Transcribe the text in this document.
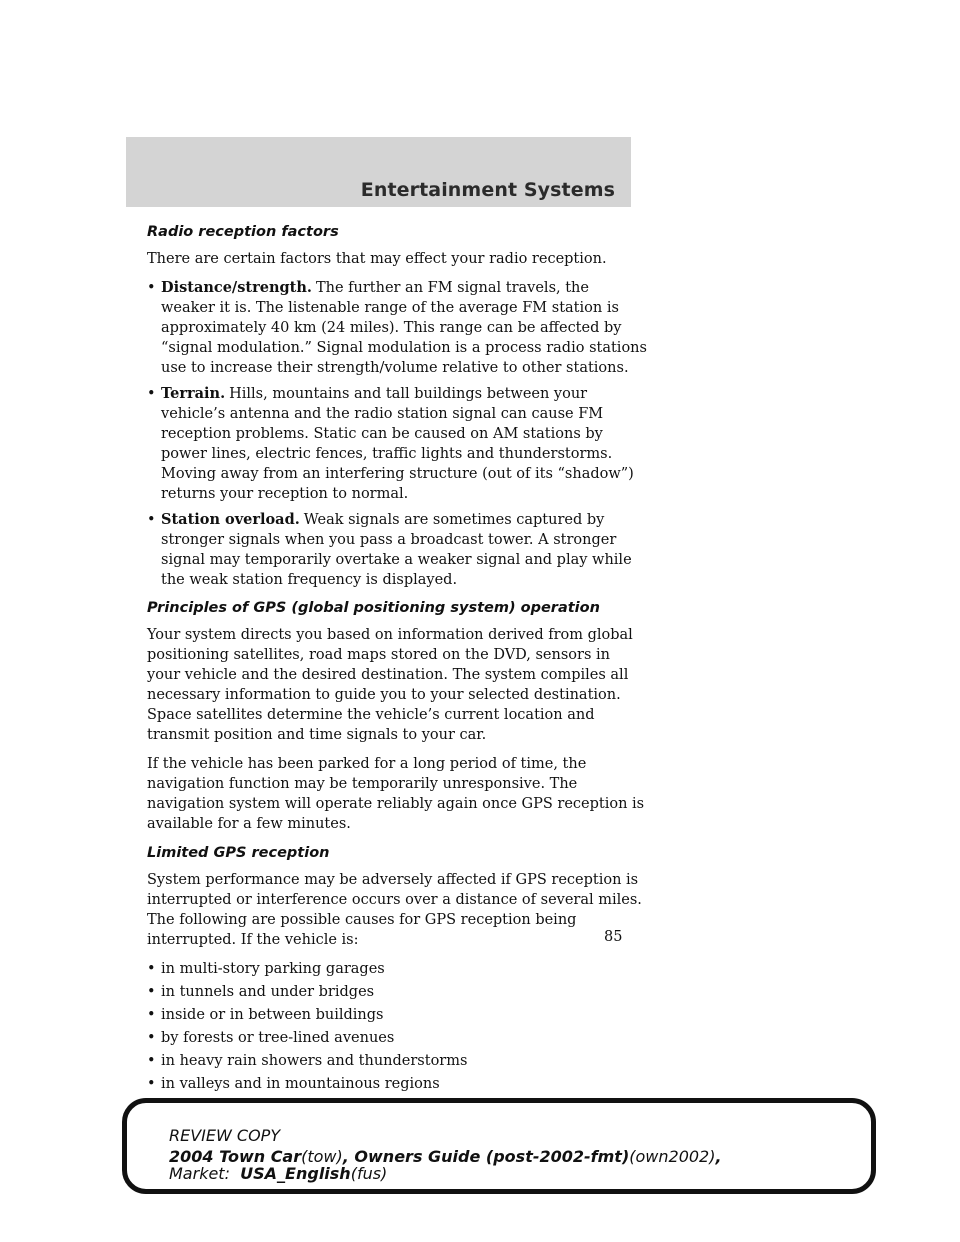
Entertainment Systems
Radio reception factors

There are certain factors that may effect your radio reception.

• Distance/strength. The further an FM signal travels, the weaker it is. The listenable range of the average FM station is approximately 40 km (24 miles). This range can be affected by “signal modulation.” Signal modulation is a process radio stations use to increase their strength/volume relative to other stations.
• Terrain. Hills, mountains and tall buildings between your vehicle’s antenna and the radio station signal can cause FM reception problems. Static can be caused on AM stations by power lines, electric fences, traffic lights and thunderstorms. Moving away from an interfering structure (out of its “shadow”) returns your reception to normal.
• Station overload. Weak signals are sometimes captured by stronger signals when you pass a broadcast tower. A stronger signal may temporarily overtake a weaker signal and play while the weak station frequency is displayed.
Principles of GPS (global positioning system) operation

Your system directs you based on information derived from global positioning satellites, road maps stored on the DVD, sensors in your vehicle and the desired destination. The system compiles all necessary information to guide you to your selected destination. Space satellites determine the vehicle’s current location and transmit position and time signals to your car.

If the vehicle has been parked for a long period of time, the navigation function may be temporarily unresponsive. The navigation system will operate reliably again once GPS reception is available for a few minutes.

Limited GPS reception

System performance may be adversely affected if GPS reception is interrupted or interference occurs over a distance of several miles. The following are possible causes for GPS reception being interrupted. If the vehicle is:

• in multi-story parking garages
• in tunnels and under bridges
• inside or in between buildings
• by forests or tree-lined avenues
• in heavy rain showers and thunderstorms
• in valleys and in mountainous regions
85
REVIEW COPY
2004 Town Car(tow), Owners Guide (post-2002-fmt)(own2002),
Market: USA_English(fus)
